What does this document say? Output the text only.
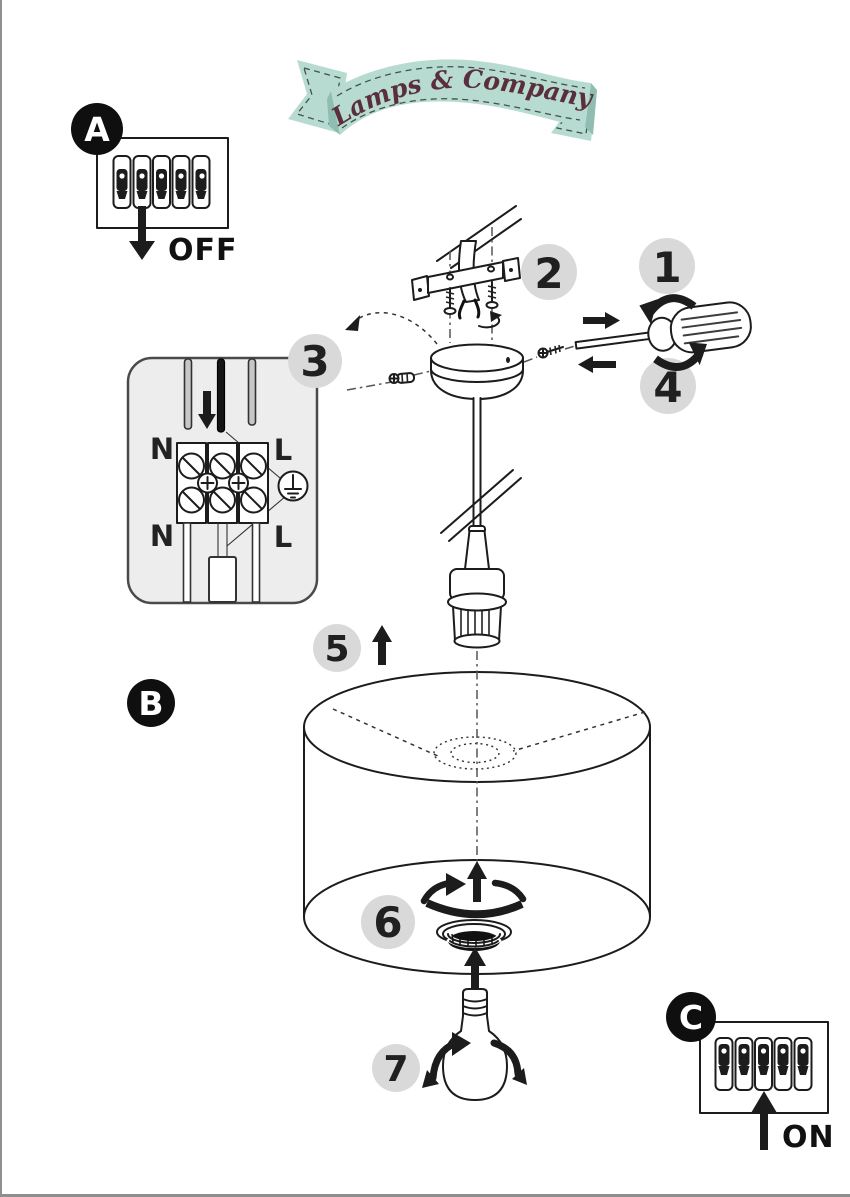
Lamps & Company
OFF
A
N	L
N	L
3
2 1
4
5
B
6
7
ON
C
